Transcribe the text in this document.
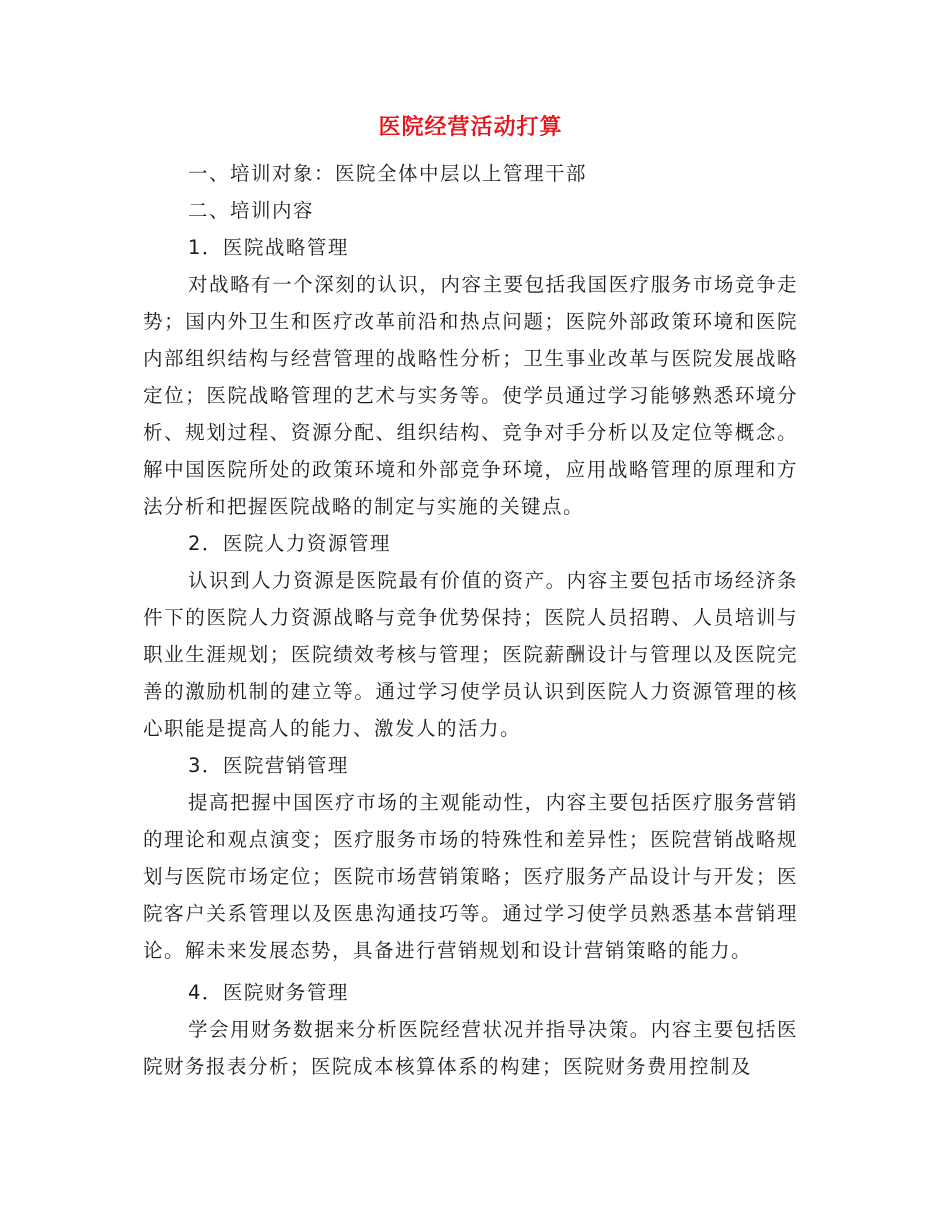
医院经营活动打算

一、培训对象：医院全体中层以上管理干部

二、培训内容

1．医院战略管理

对战略有一个深刻的认识，内容主要包括我国医疗服务市场竞争走势；国内外卫生和医疗改革前沿和热点问题；医院外部政策环境和医院内部组织结构与经营管理的战略性分析；卫生事业改革与医院发展战略定位；医院战略管理的艺术与实务等。使学员通过学习能够熟悉环境分析、规划过程、资源分配、组织结构、竞争对手分析以及定位等概念。解中国医院所处的政策环境和外部竞争环境，应用战略管理的原理和方法分析和把握医院战略的制定与实施的关键点。

2．医院人力资源管理

认识到人力资源是医院最有价值的资产。内容主要包括市场经济条件下的医院人力资源战略与竞争优势保持；医院人员招聘、人员培训与职业生涯规划；医院绩效考核与管理；医院薪酬设计与管理以及医院完善的激励机制的建立等。通过学习使学员认识到医院人力资源管理的核心职能是提高人的能力、激发人的活力。

3．医院营销管理

提高把握中国医疗市场的主观能动性，内容主要包括医疗服务营销的理论和观点演变；医疗服务市场的特殊性和差异性；医院营销战略规划与医院市场定位；医院市场营销策略；医疗服务产品设计与开发；医院客户关系管理以及医患沟通技巧等。通过学习使学员熟悉基本营销理论。解未来发展态势，具备进行营销规划和设计营销策略的能力。

4．医院财务管理

学会用财务数据来分析医院经营状况并指导决策。内容主要包括医院财务报表分析；医院成本核算体系的构建；医院财务费用控制及
